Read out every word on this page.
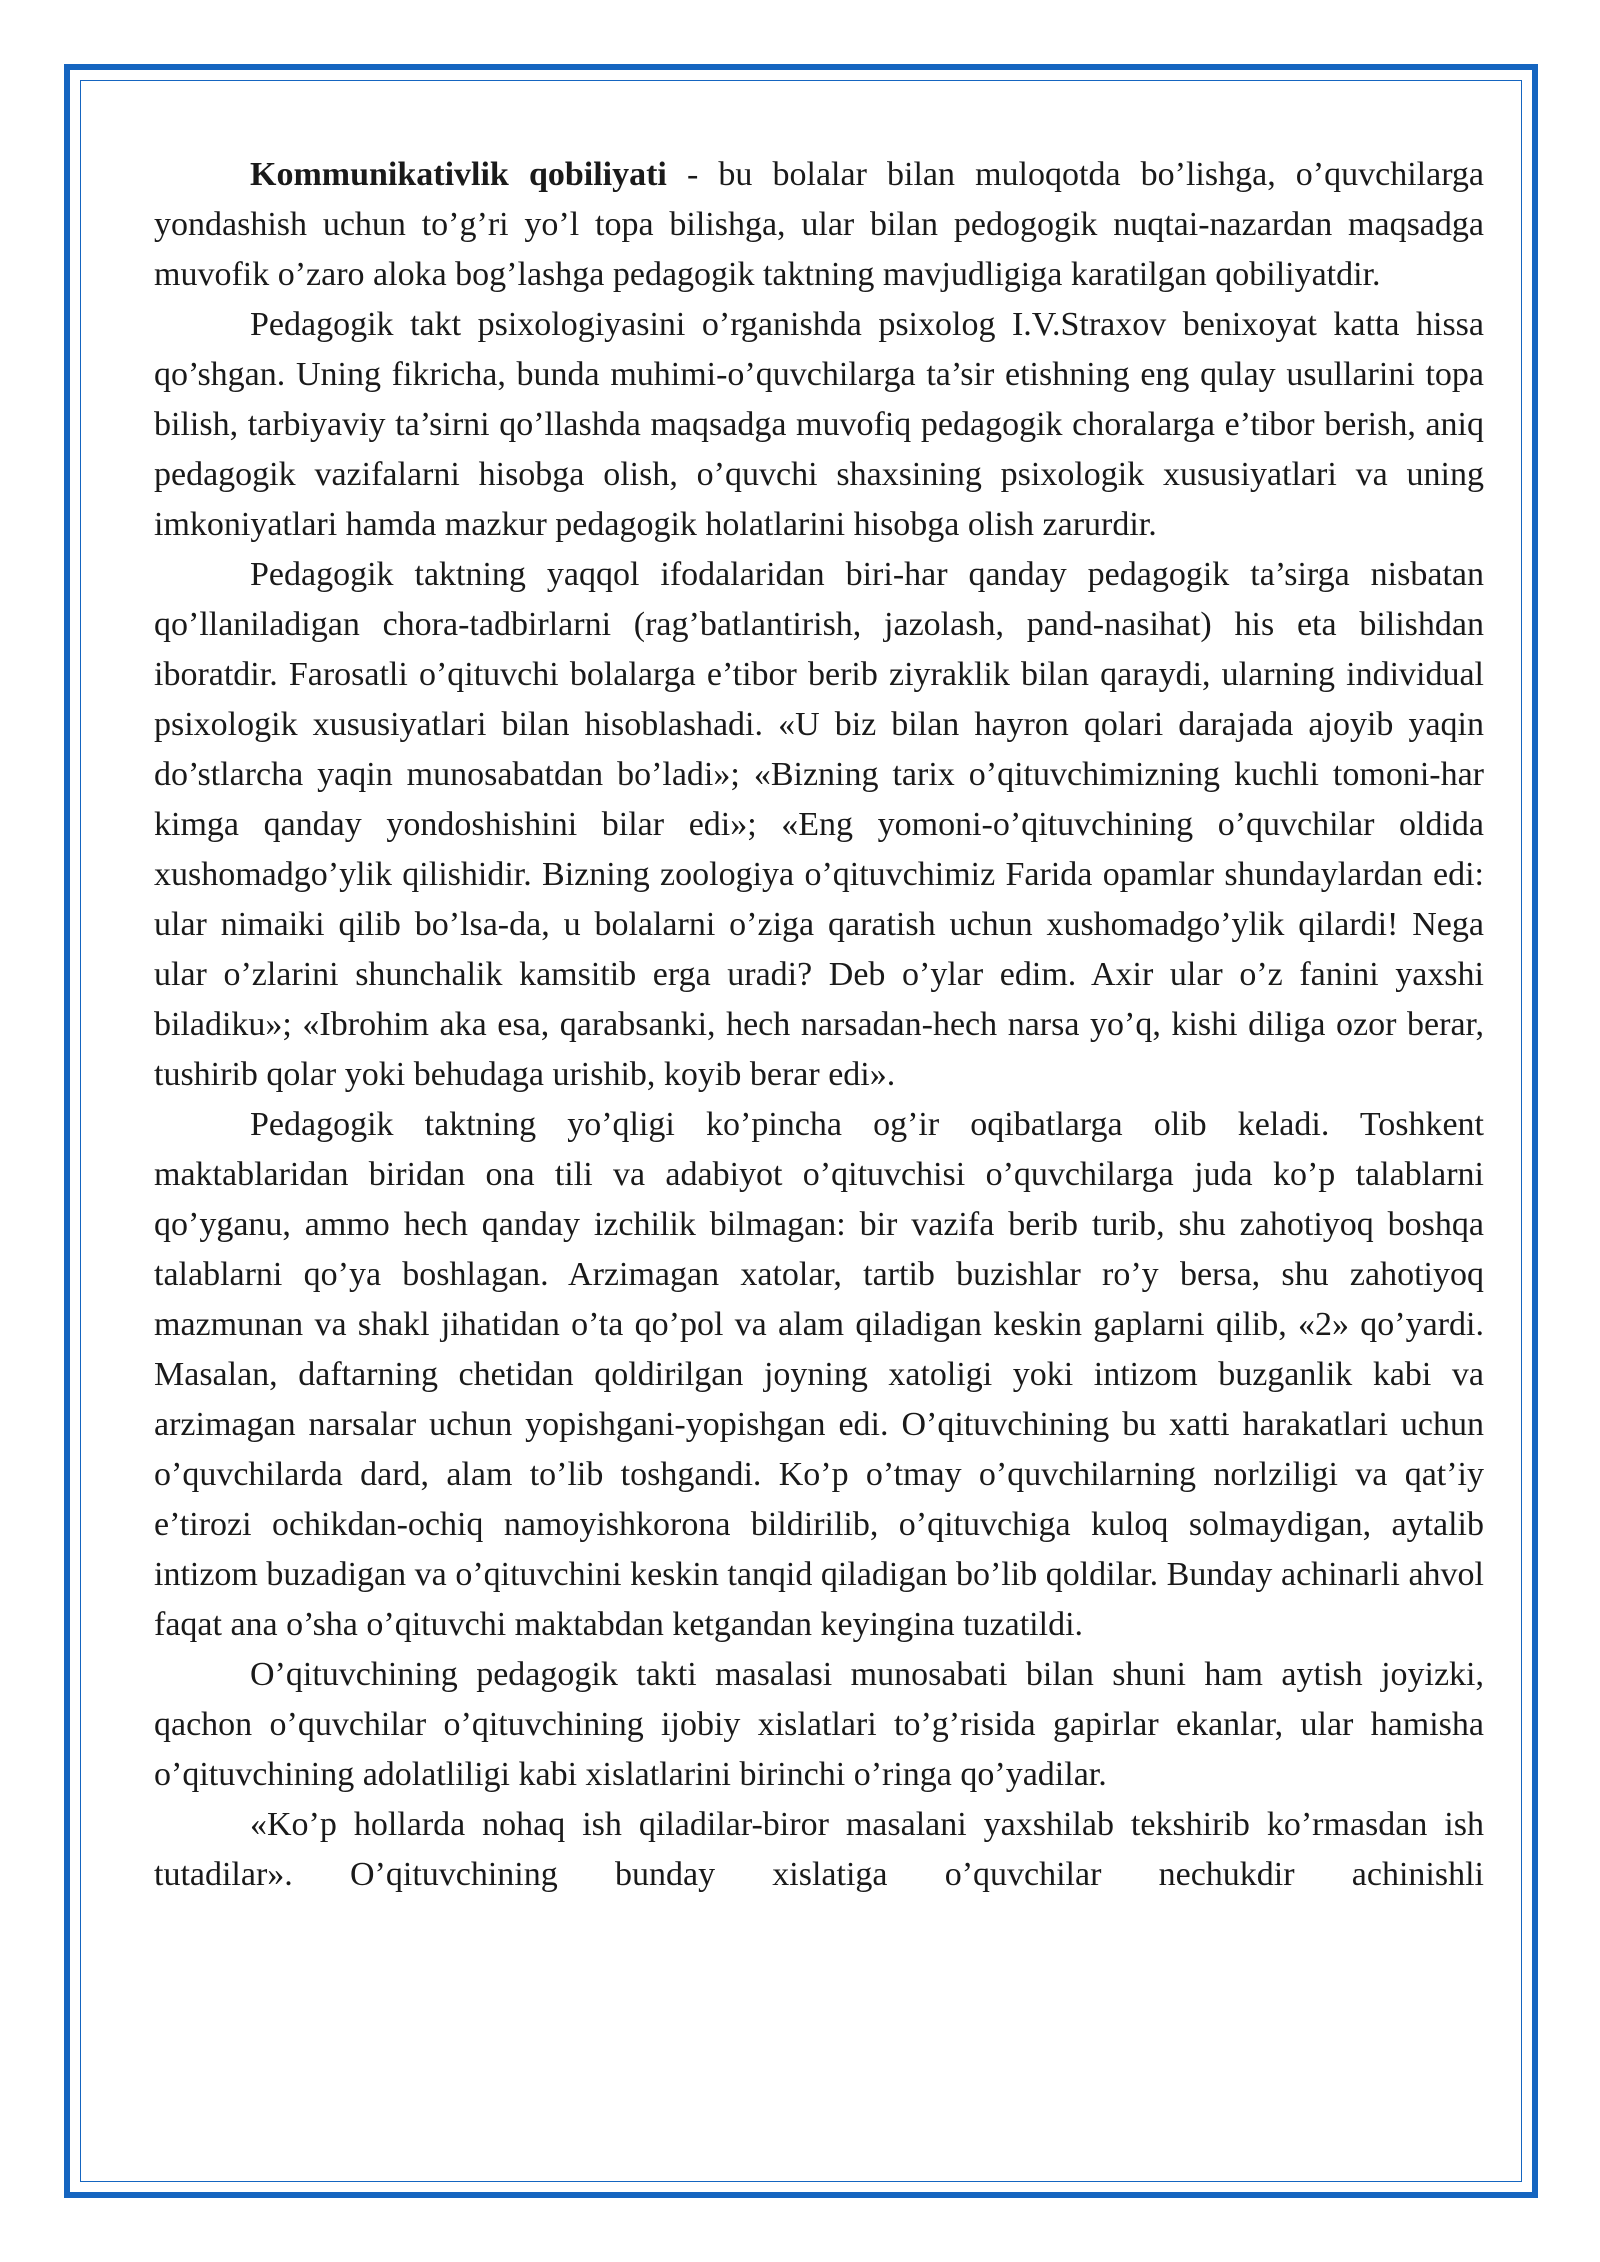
Kommunikativlik qobiliyati - bu bolalar bilan muloqotda bo’lishga, o’quvchilarga yondashish uchun to’g’ri yo’l topa bilishga, ular bilan pedogogik nuqtai-nazardan maqsadga muvofik o’zaro aloka bog’lashga pedagogik taktning mavjudligiga karatilgan qobiliyatdir.

Pedagogik takt psixologiyasini o’rganishda psixolog I.V.Straxov benixoyat katta hissa qo’shgan. Uning fikricha, bunda muhimi-o’quvchilarga ta’sir etishning eng qulay usullarini topa bilish, tarbiyaviy ta’sirni qo’llashda maqsadga muvofiq pedagogik choralarga e’tibor berish, aniq pedagogik vazifalarni hisobga olish, o’quvchi shaxsining psixologik xususiyatlari va uning imkoniyatlari hamda mazkur pedagogik holatlarini hisobga olish zarurdir.

Pedagogik taktning yaqqol ifodalaridan biri-har qanday pedagogik ta’sirga nisbatan qo’llaniladigan chora-tadbirlarni (rag’batlantirish, jazolash, pand-nasihat) his eta bilishdan iboratdir. Farosatli o’qituvchi bolalarga e’tibor berib ziyraklik bilan qaraydi, ularning individual psixologik xususiyatlari bilan hisoblashadi. «U biz bilan hayron qolari darajada ajoyib yaqin do’stlarcha yaqin munosabatdan bo’ladi»; «Bizning tarix o’qituvchimizning kuchli tomoni-har kimga qanday yondoshishini bilar edi»; «Eng yomoni-o’qituvchining o’quvchilar oldida xushomadgo’ylik qilishidir. Bizning zoologiya o’qituvchimiz Farida opamlar shundaylardan edi: ular nimaiki qilib bo’lsa-da, u bolalarni o’ziga qaratish uchun xushomadgo’ylik qilardi! Nega ular o’zlarini shunchalik kamsitib erga uradi? Deb o’ylar edim. Axir ular o’z fanini yaxshi biladiku»; «Ibrohim aka esa, qarabsanki, hech narsadan-hech narsa yo’q, kishi diliga ozor berar, tushirib qolar yoki behudaga urishib, koyib berar edi».

Pedagogik taktning yo’qligi ko’pincha og’ir oqibatlarga olib keladi. Toshkent maktablaridan biridan ona tili va adabiyot o’qituvchisi o’quvchilarga juda ko’p talablarni qo’yganu, ammo hech qanday izchilik bilmagan: bir vazifa berib turib, shu zahotiyoq boshqa talablarni qo’ya boshlagan. Arzimagan xatolar, tartib buzishlar ro’y bersa, shu zahotiyoq mazmunan va shakl jihatidan o’ta qo’pol va alam qiladigan keskin gaplarni qilib, «2» qo’yardi. Masalan, daftarning chetidan qoldirilgan joyning xatoligi yoki intizom buzganlik kabi va arzimagan narsalar uchun yopishgani-yopishgan edi. O’qituvchining bu xatti harakatlari uchun o’quvchilarda dard, alam to’lib toshgandi. Ko’p o’tmay o’quvchilarning norlziligi va qat’iy e’tirozi ochikdan-ochiq namoyishkorona bildirilib, o’qituvchiga kuloq solmaydigan, aytalib intizom buzadigan va o’qituvchini keskin tanqid qiladigan bo’lib qoldilar. Bunday achinarli ahvol faqat ana o’sha o’qituvchi maktabdan ketgandan keyingina tuzatildi.

O’qituvchining pedagogik takti masalasi munosabati bilan shuni ham aytish joyizki, qachon o’quvchilar o’qituvchining ijobiy xislatlari to’g’risida gapirlar ekanlar, ular hamisha o’qituvchining adolatliligi kabi xislatlarini birinchi o’ringa qo’yadilar.

«Ko’p hollarda nohaq ish qiladilar-biror masalani yaxshilab tekshirib ko’rmasdan ish tutadilar». O’qituvchining bunday xislatiga o’quvchilar nechukdir achinishli
